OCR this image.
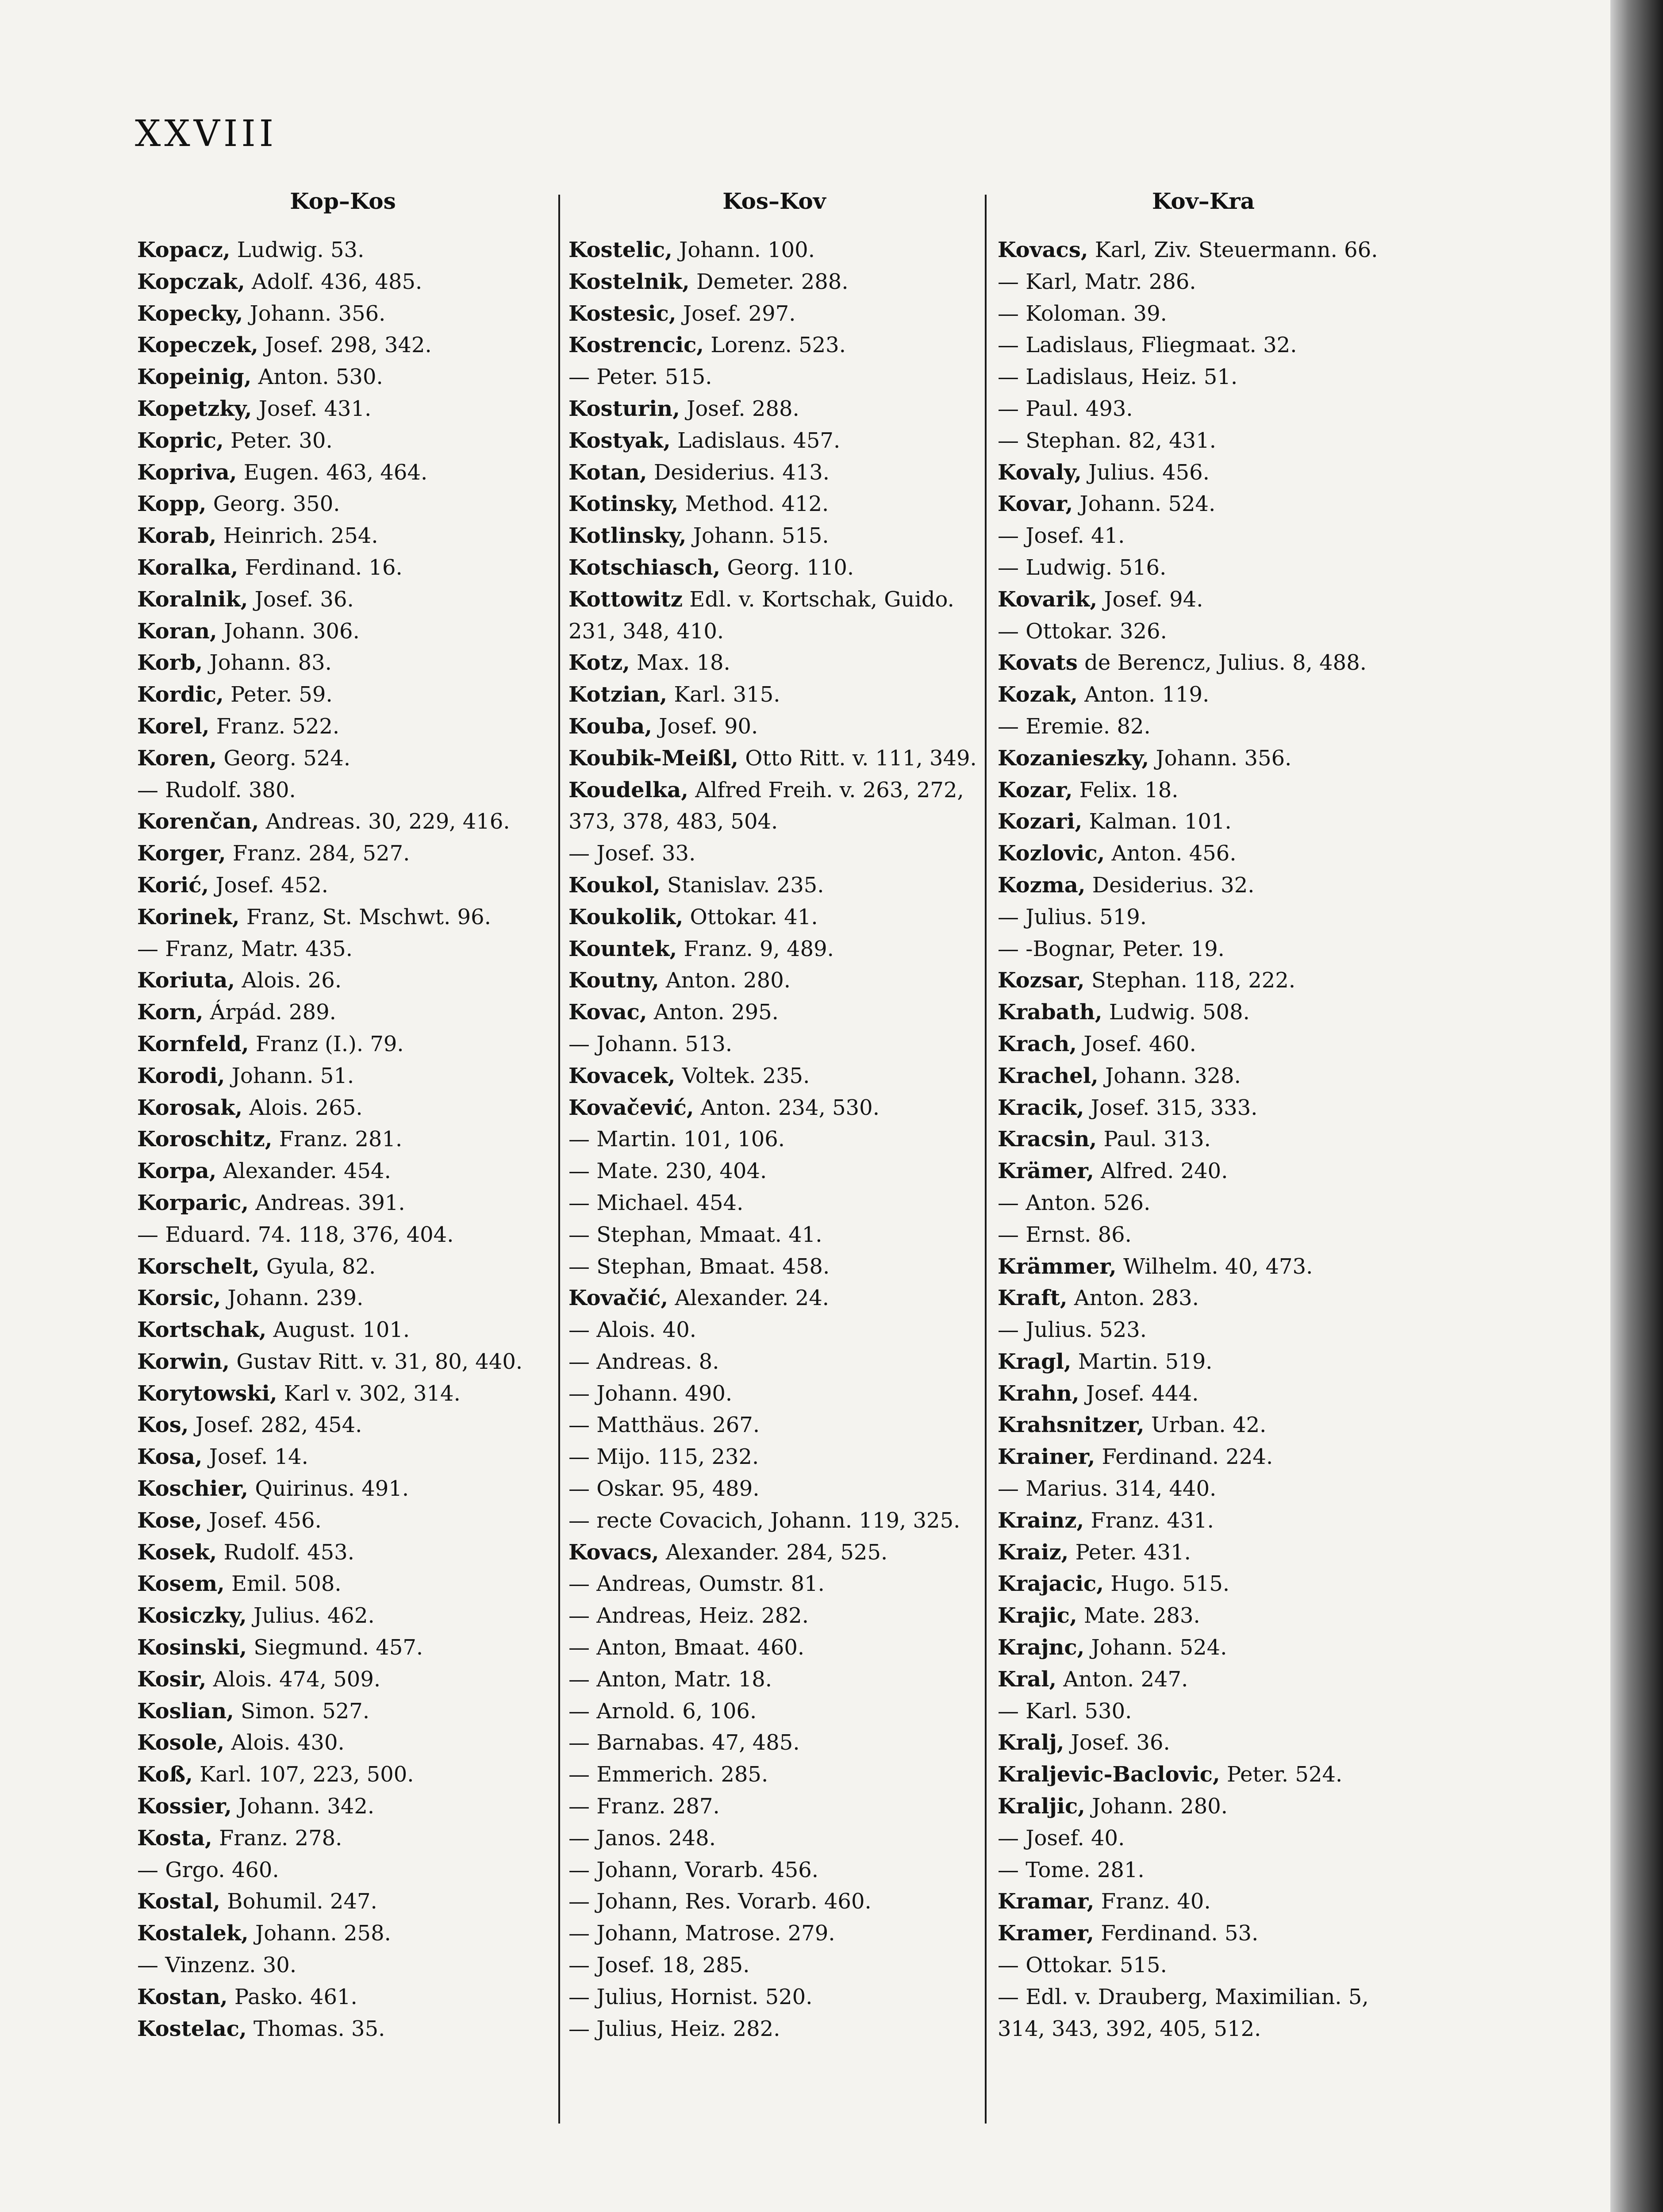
XXVIII
Kop–Kos
Kopacz, Ludwig. 53.
Kopczak, Adolf. 436, 485.
Kopecky, Johann. 356.
Kopeczek, Josef. 298, 342.
Kopeinig, Anton. 530.
Kopetzky, Josef. 431.
Kopric, Peter. 30.
Kopriva, Eugen. 463, 464.
Kopp, Georg. 350.
Korab, Heinrich. 254.
Koralka, Ferdinand. 16.
Koralnik, Josef. 36.
Koran, Johann. 306.
Korb, Johann. 83.
Kordic, Peter. 59.
Korel, Franz. 522.
Koren, Georg. 524.
— Rudolf. 380.
Korenčan, Andreas. 30, 229, 416.
Korger, Franz. 284, 527.
Korić, Josef. 452.
Korinek, Franz, St. Mschwt. 96.
— Franz, Matr. 435.
Koriuta, Alois. 26.
Korn, Árpád. 289.
Kornfeld, Franz (I.). 79.
Korodi, Johann. 51.
Korosak, Alois. 265.
Koroschitz, Franz. 281.
Korpa, Alexander. 454.
Korparic, Andreas. 391.
— Eduard. 74. 118, 376, 404.
Korschelt, Gyula, 82.
Korsic, Johann. 239.
Kortschak, August. 101.
Korwin, Gustav Ritt. v. 31, 80, 440.
Korytowski, Karl v. 302, 314.
Kos, Josef. 282, 454.
Kosa, Josef. 14.
Koschier, Quirinus. 491.
Kose, Josef. 456.
Kosek, Rudolf. 453.
Kosem, Emil. 508.
Kosiczky, Julius. 462.
Kosinski, Siegmund. 457.
Kosir, Alois. 474, 509.
Koslian, Simon. 527.
Kosole, Alois. 430.
Koß, Karl. 107, 223, 500.
Kossier, Johann. 342.
Kosta, Franz. 278.
— Grgo. 460.
Kostal, Bohumil. 247.
Kostalek, Johann. 258.
— Vinzenz. 30.
Kostan, Pasko. 461.
Kostelac, Thomas. 35.
Kos–Kov
Kostelic, Johann. 100.
Kostelnik, Demeter. 288.
Kostesic, Josef. 297.
Kostrencic, Lorenz. 523.
— Peter. 515.
Kosturin, Josef. 288.
Kostyak, Ladislaus. 457.
Kotan, Desiderius. 413.
Kotinsky, Method. 412.
Kotlinsky, Johann. 515.
Kotschiasch, Georg. 110.
Kottowitz Edl. v. Kortschak, Guido. 231, 348, 410.
Kotz, Max. 18.
Kotzian, Karl. 315.
Kouba, Josef. 90.
Koubik-Meißl, Otto Ritt. v. 111, 349.
Koudelka, Alfred Freih. v. 263, 272, 373, 378, 483, 504.
— Josef. 33.
Koukol, Stanislav. 235.
Koukolik, Ottokar. 41.
Kountek, Franz. 9, 489.
Koutny, Anton. 280.
Kovac, Anton. 295.
— Johann. 513.
Kovacek, Voltek. 235.
Kovačević, Anton. 234, 530.
— Martin. 101, 106.
— Mate. 230, 404.
— Michael. 454.
— Stephan, Mmaat. 41.
— Stephan, Bmaat. 458.
Kovačić, Alexander. 24.
— Alois. 40.
— Andreas. 8.
— Johann. 490.
— Matthäus. 267.
— Mijo. 115, 232.
— Oskar. 95, 489.
— recte Covacich, Johann. 119, 325.
Kovacs, Alexander. 284, 525.
— Andreas, Oumstr. 81.
— Andreas, Heiz. 282.
— Anton, Bmaat. 460.
— Anton, Matr. 18.
— Arnold. 6, 106.
— Barnabas. 47, 485.
— Emmerich. 285.
— Franz. 287.
— Janos. 248.
— Johann, Vorarb. 456.
— Johann, Res. Vorarb. 460.
— Johann, Matrose. 279.
— Josef. 18, 285.
— Julius, Hornist. 520.
— Julius, Heiz. 282.
Kov–Kra
Kovacs, Karl, Ziv. Steuermann. 66.
— Karl, Matr. 286.
— Koloman. 39.
— Ladislaus, Fliegmaat. 32.
— Ladislaus, Heiz. 51.
— Paul. 493.
— Stephan. 82, 431.
Kovaly, Julius. 456.
Kovar, Johann. 524.
— Josef. 41.
— Ludwig. 516.
Kovarik, Josef. 94.
— Ottokar. 326.
Kovats de Berencz, Julius. 8, 488.
Kozak, Anton. 119.
— Eremie. 82.
Kozanieszky, Johann. 356.
Kozar, Felix. 18.
Kozari, Kalman. 101.
Kozlovic, Anton. 456.
Kozma, Desiderius. 32.
— Julius. 519.
— -Bognar, Peter. 19.
Kozsar, Stephan. 118, 222.
Krabath, Ludwig. 508.
Krach, Josef. 460.
Krachel, Johann. 328.
Kracik, Josef. 315, 333.
Kracsin, Paul. 313.
Krämer, Alfred. 240.
— Anton. 526.
— Ernst. 86.
Krämmer, Wilhelm. 40, 473.
Kraft, Anton. 283.
— Julius. 523.
Kragl, Martin. 519.
Krahn, Josef. 444.
Krahsnitzer, Urban. 42.
Krainer, Ferdinand. 224.
— Marius. 314, 440.
Krainz, Franz. 431.
Kraiz, Peter. 431.
Krajacic, Hugo. 515.
Krajic, Mate. 283.
Krajnc, Johann. 524.
Kral, Anton. 247.
— Karl. 530.
Kralj, Josef. 36.
Kraljevic-Baclovic, Peter. 524.
Kraljic, Johann. 280.
— Josef. 40.
— Tome. 281.
Kramar, Franz. 40.
Kramer, Ferdinand. 53.
— Ottokar. 515.
— Edl. v. Drauberg, Maximilian. 5, 314, 343, 392, 405, 512.
